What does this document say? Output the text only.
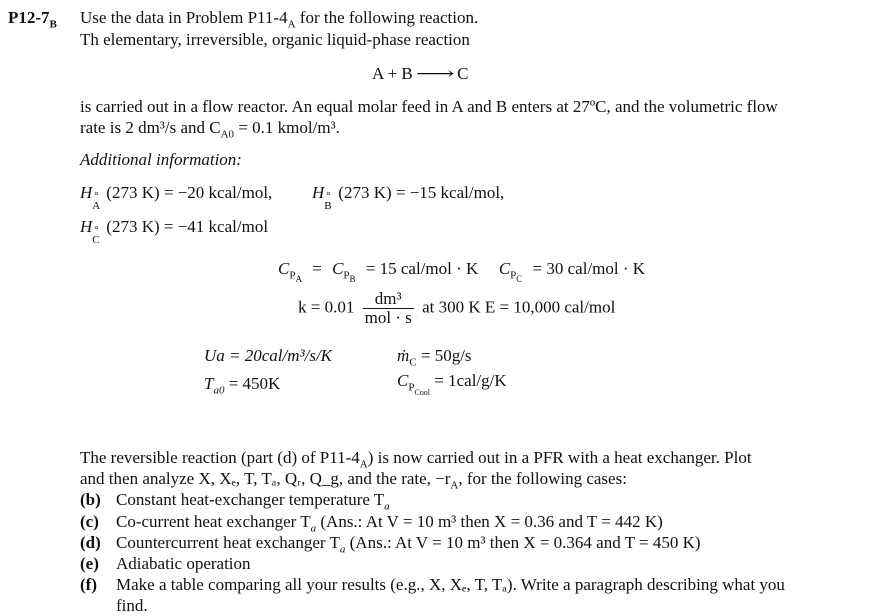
$P12-7_B$ Use the data in Problem $P11-4_A$ for the following reaction.
Th elementary, irreversible, organic liquid-phase reaction
A + B ⟶ C
is carried out in a flow reactor. An equal molar feed in A and B enters at 27ºC, and the volumetric flow
rate is 2 dm³/s and $C_{A0} = 0.1$ kmol/m³.
Additional information:
H °
A
(273 K) = −20 kcal/mol, H °
B
(273 K) = −15 kcal/mol,
H °
C
(273 K) = −41 kcal/mol
$C_{PA} = C_{PB} = 15$ cal/mol · K $C_{PC} = 30$ cal/mol · K
$k = 0.01 \frac{\text{dm³}}{\text{mol · s}}$ at 300 K E = 10,000 cal/mol
Ua = 20cal/m³/s/K	ṁ$_C$ = 50g/s
$T_{a0} = 450K$	$C_{PCool} = 1cal/g/K$
The reversible reaction (part (d) of $P11-4_A$) is now carried out in a PFR with a heat exchanger. Plot
and then analyze X, Xₑ, T, Tₐ, Qᵣ, Q_g, and the rate, $-r_A$, for the following cases:
(b) Constant heat-exchanger temperature $T_a$
(c) Co-current heat exchanger $T_a$ (Ans.: At V = 10 m³ then X = 0.36 and T = 442 K)
(d) Countercurrent heat exchanger $T_a$ (Ans.: At V = 10 m³ then X = 0.364 and T = 450 K)
(e) Adiabatic operation
(f) Make a table comparing all your results (e.g., X, Xₑ, T, Tₐ). Write a paragraph describing what you
find.
